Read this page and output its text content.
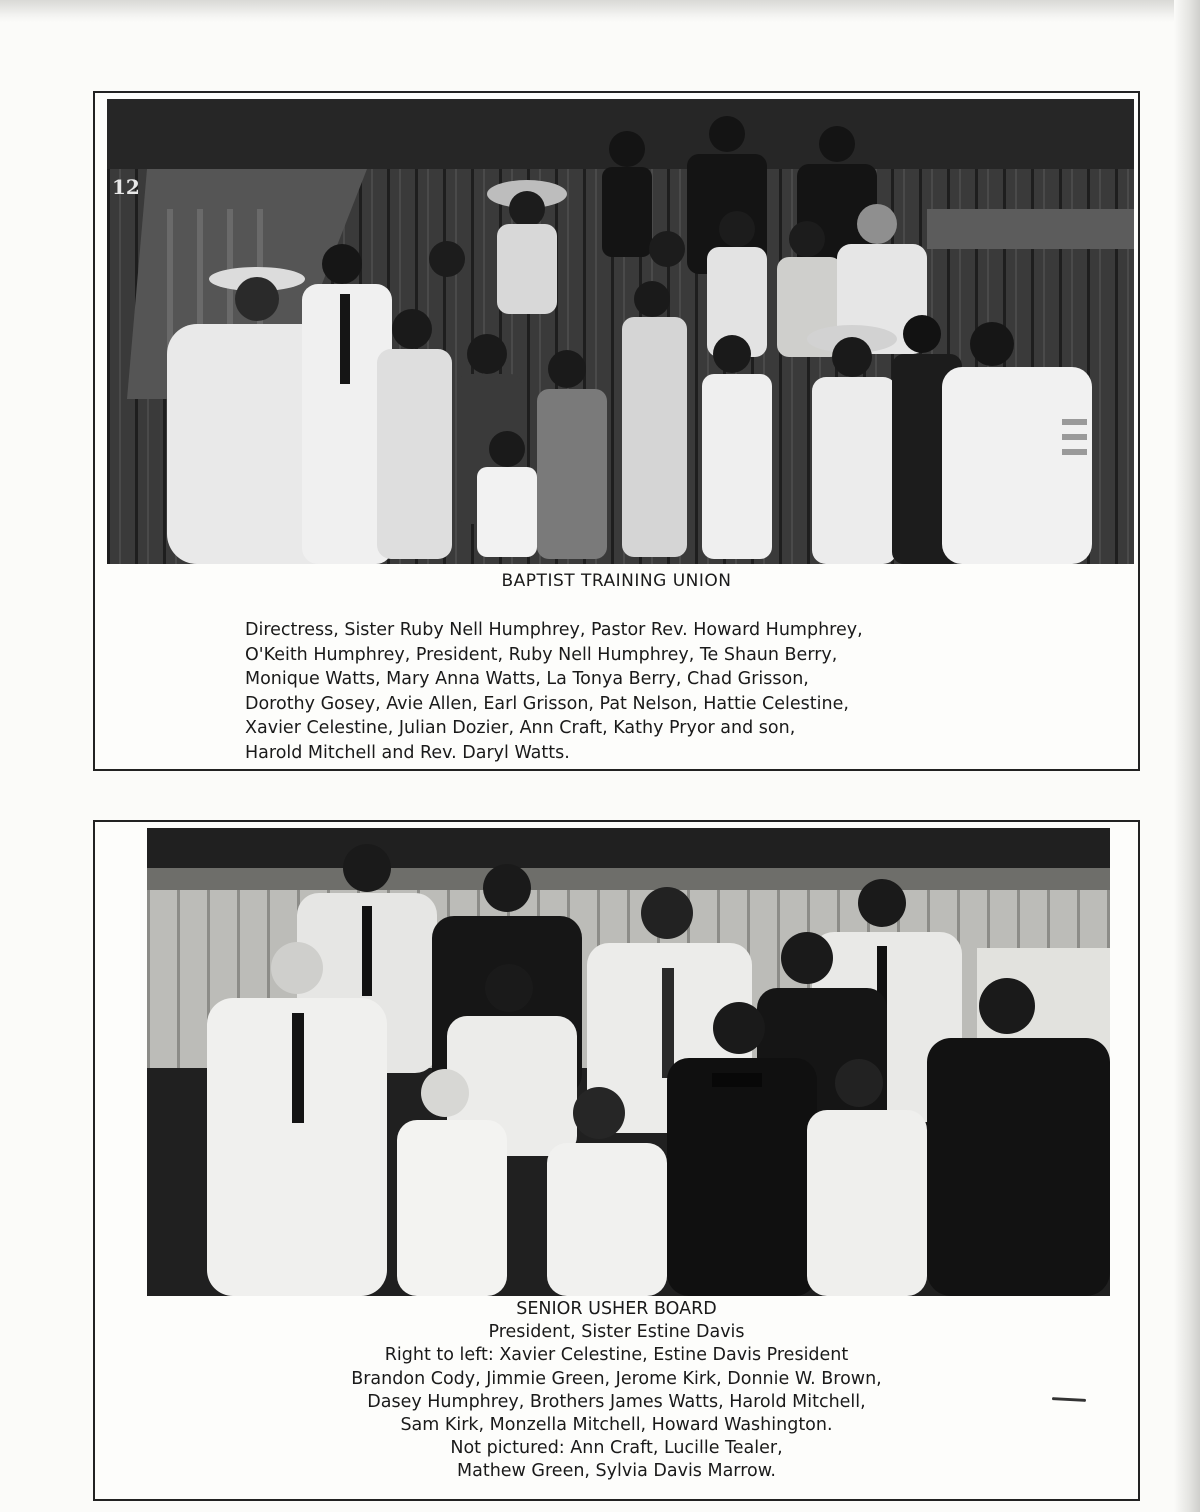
BAPTIST TRAINING UNION
Directress, Sister Ruby Nell Humphrey, Pastor Rev. Howard Humphrey,
O'Keith Humphrey, President, Ruby Nell Humphrey, Te Shaun Berry,
Monique Watts, Mary Anna Watts, La Tonya Berry, Chad Grisson,
Dorothy Gosey, Avie Allen, Earl Grisson, Pat Nelson, Hattie Celestine,
Xavier Celestine, Julian Dozier, Ann Craft, Kathy Pryor and son,
Harold Mitchell and Rev. Daryl Watts.
12
SENIOR USHER BOARD
President, Sister Estine Davis
Right to left: Xavier Celestine, Estine Davis President
Brandon Cody, Jimmie Green, Jerome Kirk, Donnie W. Brown,
Dasey Humphrey, Brothers James Watts, Harold Mitchell,
Sam Kirk, Monzella Mitchell, Howard Washington.
Not pictured: Ann Craft, Lucille Tealer,
Mathew Green, Sylvia Davis Marrow.
